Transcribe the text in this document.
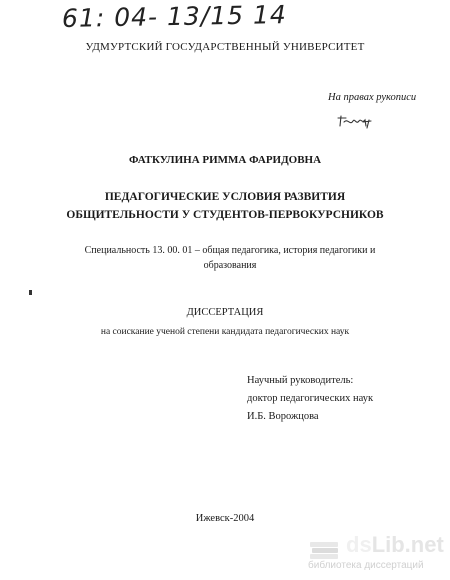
61: 04- 13/15 14
УДМУРТСКИЙ ГОСУДАРСТВЕННЫЙ УНИВЕРСИТЕТ
На правах рукописи
ФАТКУЛИНА РИММА ФАРИДОВНА
ПЕДАГОГИЧЕСКИЕ УСЛОВИЯ РАЗВИТИЯ
ОБЩИТЕЛЬНОСТИ У СТУДЕНТОВ-ПЕРВОКУРСНИКОВ
Специальность 13. 00. 01 – общая педагогика, история педагогики и
образования
ДИССЕРТАЦИЯ
на соискание ученой степени кандидата педагогических наук
Научный руководитель:
доктор педагогических наук
И.Б. Ворожцова
Ижевск-2004
dsLib.net
библиотека диссертаций
